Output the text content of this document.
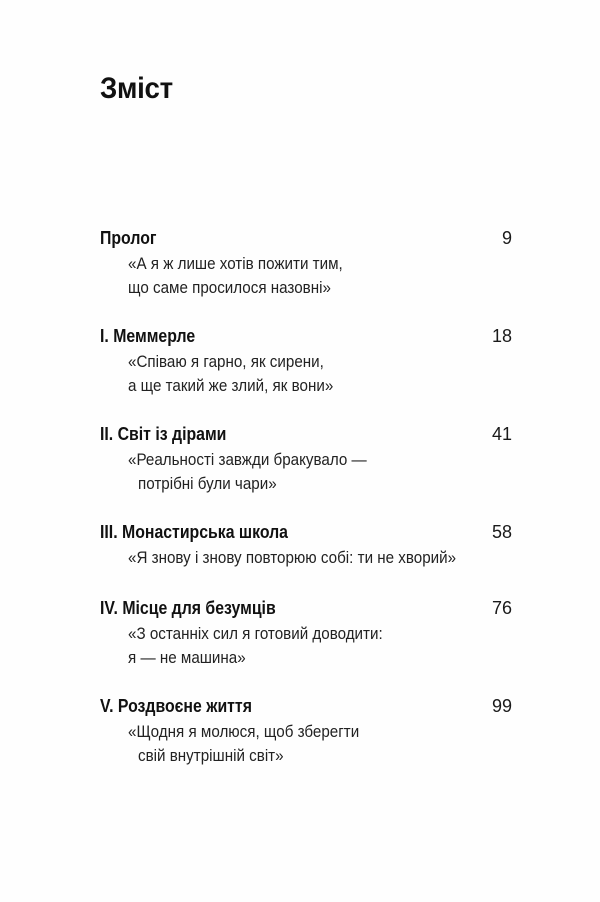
Зміст
Пролог	9
«А я ж лише хотів пожити тим,
що саме просилося назовні»
I. Меммерле	18
«Співаю я гарно, як сирени,
а ще такий же злий, як вони»
II. Світ із дірами	41
«Реальності завжди бракувало —
потрібні були чари»
III. Монастирська школа	58
«Я знову і знову повторюю собі: ти не хворий»
IV. Місце для безумців	76
«З останніх сил я готовий доводити:
я — не машина»
V. Роздвоєне життя	99
«Щодня я молюся, щоб зберегти
свій внутрішній світ»
